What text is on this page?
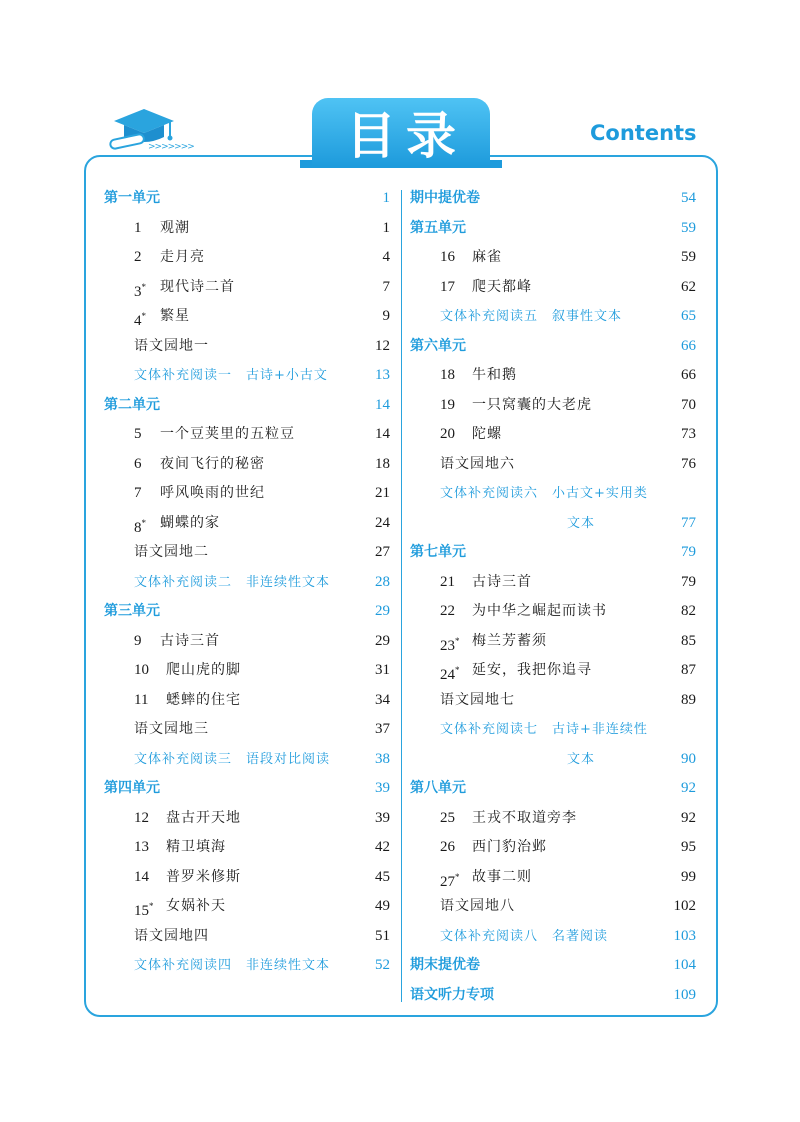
>>>>>>>	目录	Contents
第一单元	1
1 观潮	1
2 走月亮	4
3* 现代诗二首	7
4* 繁星	9
语文园地一	12
文体补充阅读一 古诗+小古文	13
第二单元	14
5 一个豆荚里的五粒豆	14
6 夜间飞行的秘密	18
7 呼风唤雨的世纪	21
8* 蝴蝶的家	24
语文园地二	27
文体补充阅读二 非连续性文本	28
第三单元	29
9 古诗三首	29
10 爬山虎的脚	31
11 蟋蟀的住宅	34
语文园地三	37
文体补充阅读三 语段对比阅读	38
第四单元	39
12 盘古开天地	39
13 精卫填海	42
14 普罗米修斯	45
15* 女娲补天	49
语文园地四	51
文体补充阅读四 非连续性文本	52
期中提优卷	54
第五单元	59
16 麻雀	59
17 爬天都峰	62
文体补充阅读五 叙事性文本	65
第六单元	66
18 牛和鹅	66
19 一只窝囊的大老虎	70
20 陀螺	73
语文园地六	76
文体补充阅读六 小古文+实用类
文本	77
第七单元	79
21 古诗三首	79
22 为中华之崛起而读书	82
23* 梅兰芳蓄须	85
24* 延安，我把你追寻	87
语文园地七	89
文体补充阅读七 古诗+非连续性
文本	90
第八单元	92
25 王戎不取道旁李	92
26 西门豹治邺	95
27* 故事二则	99
语文园地八	102
文体补充阅读八 名著阅读	103
期末提优卷	104
语文听力专项	109
